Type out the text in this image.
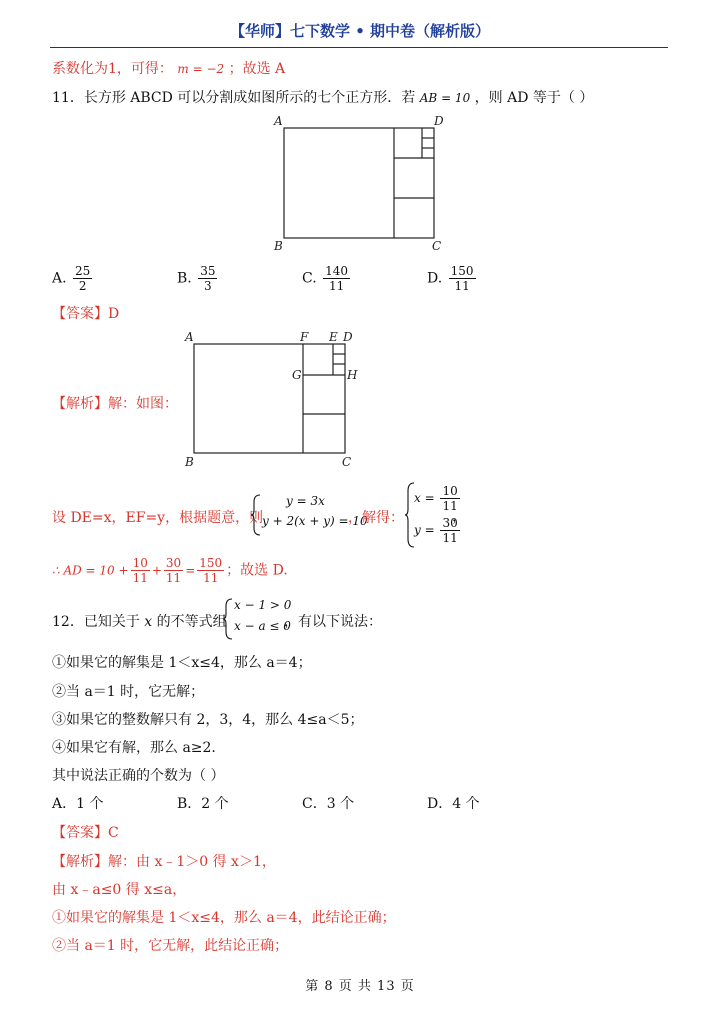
【华师】七下数学 • 期中卷（解析版）
系数化为1，可得： m = −2 ；故选 A
11．长方形 ABCD 可以分割成如图所示的七个正方形．若 AB = 10 ，则 AD 等于（ ）
A	D
B	C
A. $\frac{25}{2}$	B. $\frac{35}{3}$	C. $\frac{140}{11}$	D. $\frac{150}{11}$
【答案】D
【解析】解：如图：
A	F E D
G	H
B	C
设 DE=x，EF=y，根据题意，则
y = 3x
y + 2(x + y) = 10
，解得：
$x = \frac{10}{11}$
$y = \frac{30}{11}$
，
∴ AD = $10 + \frac{10}{11} + \frac{30}{11} = \frac{150}{11}$ ；故选 D.
12．已知关于 x 的不等式组
x − 1 > 0
x − a ≤ 0
，有以下说法：
①如果它的解集是 1＜x≤4，那么 a＝4；
②当 a＝1 时，它无解；
③如果它的整数解只有 2，3，4，那么 4≤a＜5；
④如果它有解，那么 a≥2.
其中说法正确的个数为（ ）
A．1 个	B．2 个	C．3 个	D．4 个
【答案】C
【解析】解：由 x﹣1＞0 得 x＞1，
由 x﹣a≤0 得 x≤a，
①如果它的解集是 1＜x≤4，那么 a＝4，此结论正确；
②当 a＝1 时，它无解，此结论正确；
第 8 页 共 13 页
